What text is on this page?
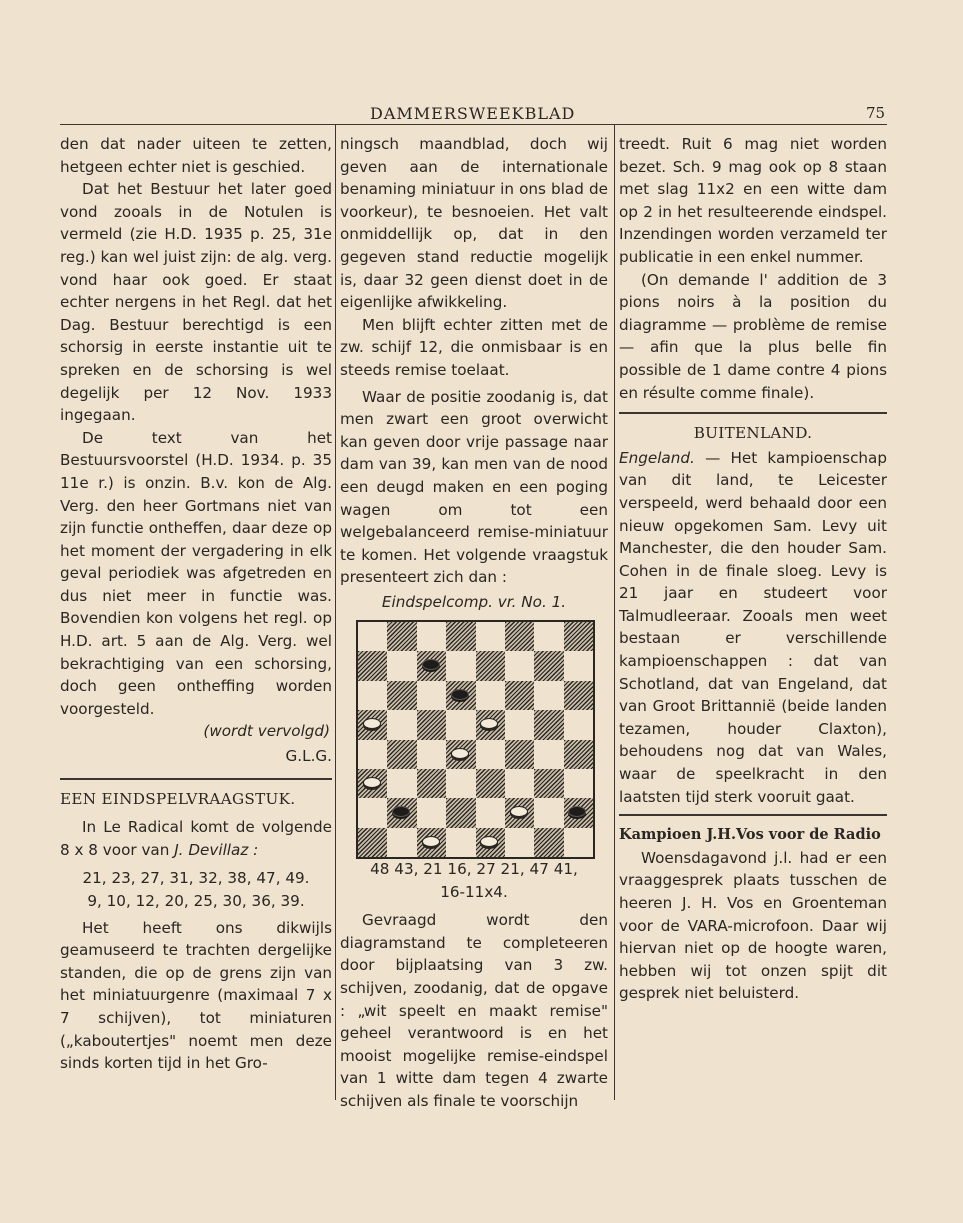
DAMMERSWEEKBLAD	75

den dat nader uiteen te zetten, hetgeen echter niet is geschied.

Dat het Bestuur het later goed vond zooals in de Notulen is vermeld (zie H.D. 1935 p. 25, 31e reg.) kan wel juist zijn: de alg. verg. vond haar ook goed. Er staat echter nergens in het Regl. dat het Dag. Bestuur berechtigd is een schorsig in eerste instantie uit te spreken en de schorsing is wel degelijk per 12 Nov. 1933 ingegaan.

De text van het Bestuursvoorstel (H.D. 1934. p. 35 11e r.) is onzin. B.v. kon de Alg. Verg. den heer Gortmans niet van zijn functie ontheffen, daar deze op het moment der vergadering in elk geval periodiek was afgetreden en dus niet meer in functie was. Bovendien kon volgens het regl. op H.D. art. 5 aan de Alg. Verg. wel bekrachtiging van een schorsing, doch geen ontheffing worden voorgesteld.

(wordt vervolgd)
G.L.G.
EEN EINDSPELVRAAGSTUK.

In Le Radical komt de volgende 8 x 8 voor van J. Devillaz :

21, 23, 27, 31, 32, 38, 47, 49.
9, 10, 12, 20, 25, 30, 36, 39.

Het heeft ons dikwijls geamuseerd te trachten dergelijke standen, die op de grens zijn van het miniatuurgenre (maximaal 7 x 7 schijven), tot miniaturen („kaboutertjes" noemt men deze sinds korten tijd in het Gro-

ningsch maandblad, doch wij geven aan de internationale benaming miniatuur in ons blad de voorkeur), te besnoeien. Het valt onmiddellijk op, dat in den gegeven stand reductie mogelijk is, daar 32 geen dienst doet in de eigenlijke afwikkeling.

Men blijft echter zitten met de zw. schijf 12, die onmisbaar is en steeds remise toelaat.

Waar de positie zoodanig is, dat men zwart een groot overwicht kan geven door vrije passage naar dam van 39, kan men van de nood een deugd maken en een poging wagen om tot een welgebalanceerd remise-miniatuur te komen. Het volgende vraagstuk presenteert zich dan :

Eindspelcomp. vr. No. 1.
48 43, 21 16, 27 21, 47 41,
16-11x4.

Gevraagd wordt den diagramstand te completeeren door bijplaatsing van 3 zw. schijven, zoodanig, dat de opgave : „wit speelt en maakt remise" geheel verantwoord is en het mooist mogelijke remise-eindspel van 1 witte dam tegen 4 zwarte schijven als finale te voorschijn

treedt. Ruit 6 mag niet worden bezet. Sch. 9 mag ook op 8 staan met slag 11x2 en een witte dam op 2 in het resulteerende eindspel. Inzendingen worden verzameld ter publicatie in een enkel nummer.

(On demande l' addition de 3 pions noirs à la position du diagramme — problème de remise — afin que la plus belle fin possible de 1 dame contre 4 pions en résulte comme finale).

BUITENLAND.

Engeland. — Het kampioenschap van dit land, te Leicester verspeeld, werd behaald door een nieuw opgekomen Sam. Levy uit Manchester, die den houder Sam. Cohen in de finale sloeg. Levy is 21 jaar en studeert voor Talmudleeraar. Zooals men weet bestaan er verschillende kampioenschappen : dat van Schotland, dat van Engeland, dat van Groot Brittannië (beide landen tezamen, houder Claxton), behoudens nog dat van Wales, waar de speelkracht in den laatsten tijd sterk vooruit gaat.

Kampioen J.H.Vos voor de Radio

Woensdagavond j.l. had er een vraaggesprek plaats tusschen de heeren J. H. Vos en Groenteman voor de VARA-microfoon. Daar wij hiervan niet op de hoogte waren, hebben wij tot onzen spijt dit gesprek niet beluisterd.
